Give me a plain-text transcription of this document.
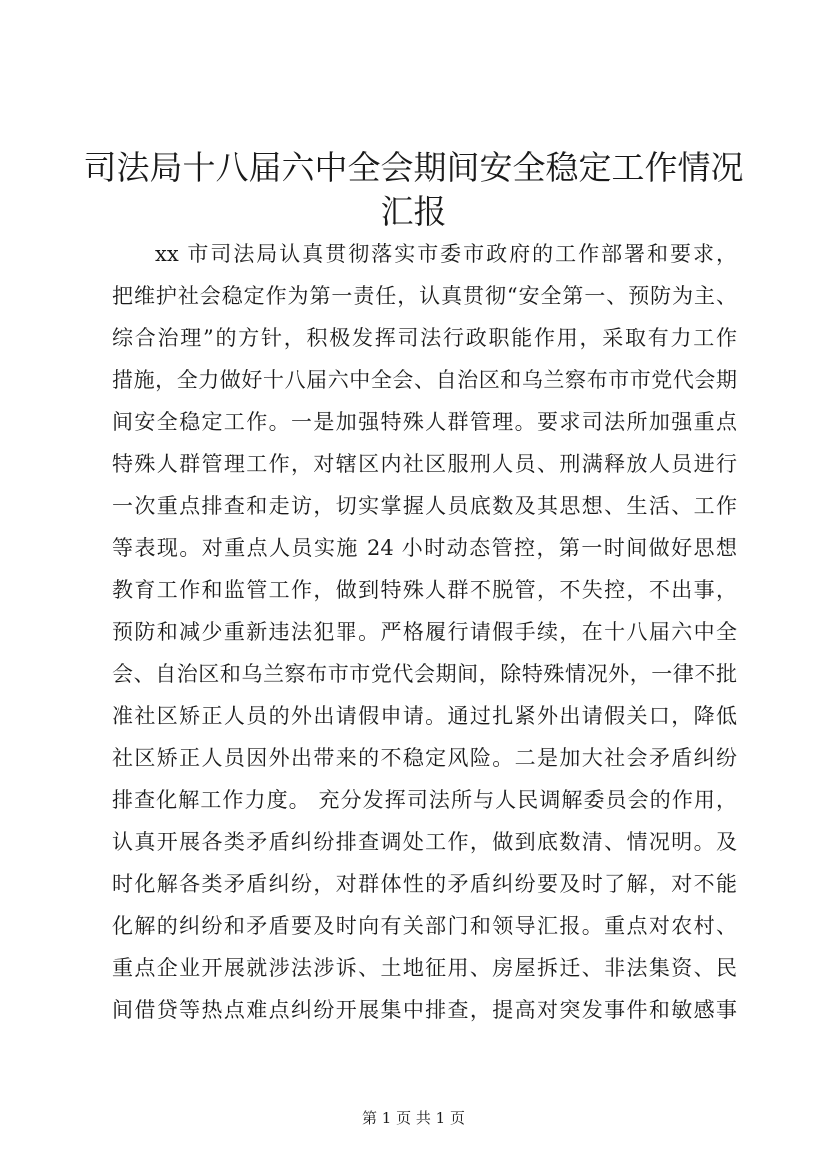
司法局十八届六中全会期间安全稳定工作情况
汇报
xx 市司法局认真贯彻落实市委市政府的工作部署和要求，
把维护社会稳定作为第一责任，认真贯彻“安全第一、预防为主、
综合治理”的方针，积极发挥司法行政职能作用，采取有力工作
措施，全力做好十八届六中全会、自治区和乌兰察布市市党代会期
间安全稳定工作。一是加强特殊人群管理。要求司法所加强重点
特殊人群管理工作，对辖区内社区服刑人员、刑满释放人员进行
一次重点排查和走访，切实掌握人员底数及其思想、生活、工作
等表现。对重点人员实施 24 小时动态管控，第一时间做好思想
教育工作和监管工作，做到特殊人群不脱管，不失控，不出事，
预防和减少重新违法犯罪。严格履行请假手续，在十八届六中全
会、自治区和乌兰察布市市党代会期间，除特殊情况外，一律不批
准社区矫正人员的外出请假申请。通过扎紧外出请假关口，降低
社区矫正人员因外出带来的不稳定风险。二是加大社会矛盾纠纷
排查化解工作力度。 充分发挥司法所与人民调解委员会的作用，
认真开展各类矛盾纠纷排查调处工作，做到底数清、情况明。及
时化解各类矛盾纠纷，对群体性的矛盾纠纷要及时了解，对不能
化解的纠纷和矛盾要及时向有关部门和领导汇报。重点对农村、
重点企业开展就涉法涉诉、土地征用、房屋拆迁、非法集资、民
间借贷等热点难点纠纷开展集中排查，提高对突发事件和敏感事
第 1 页 共 1 页
